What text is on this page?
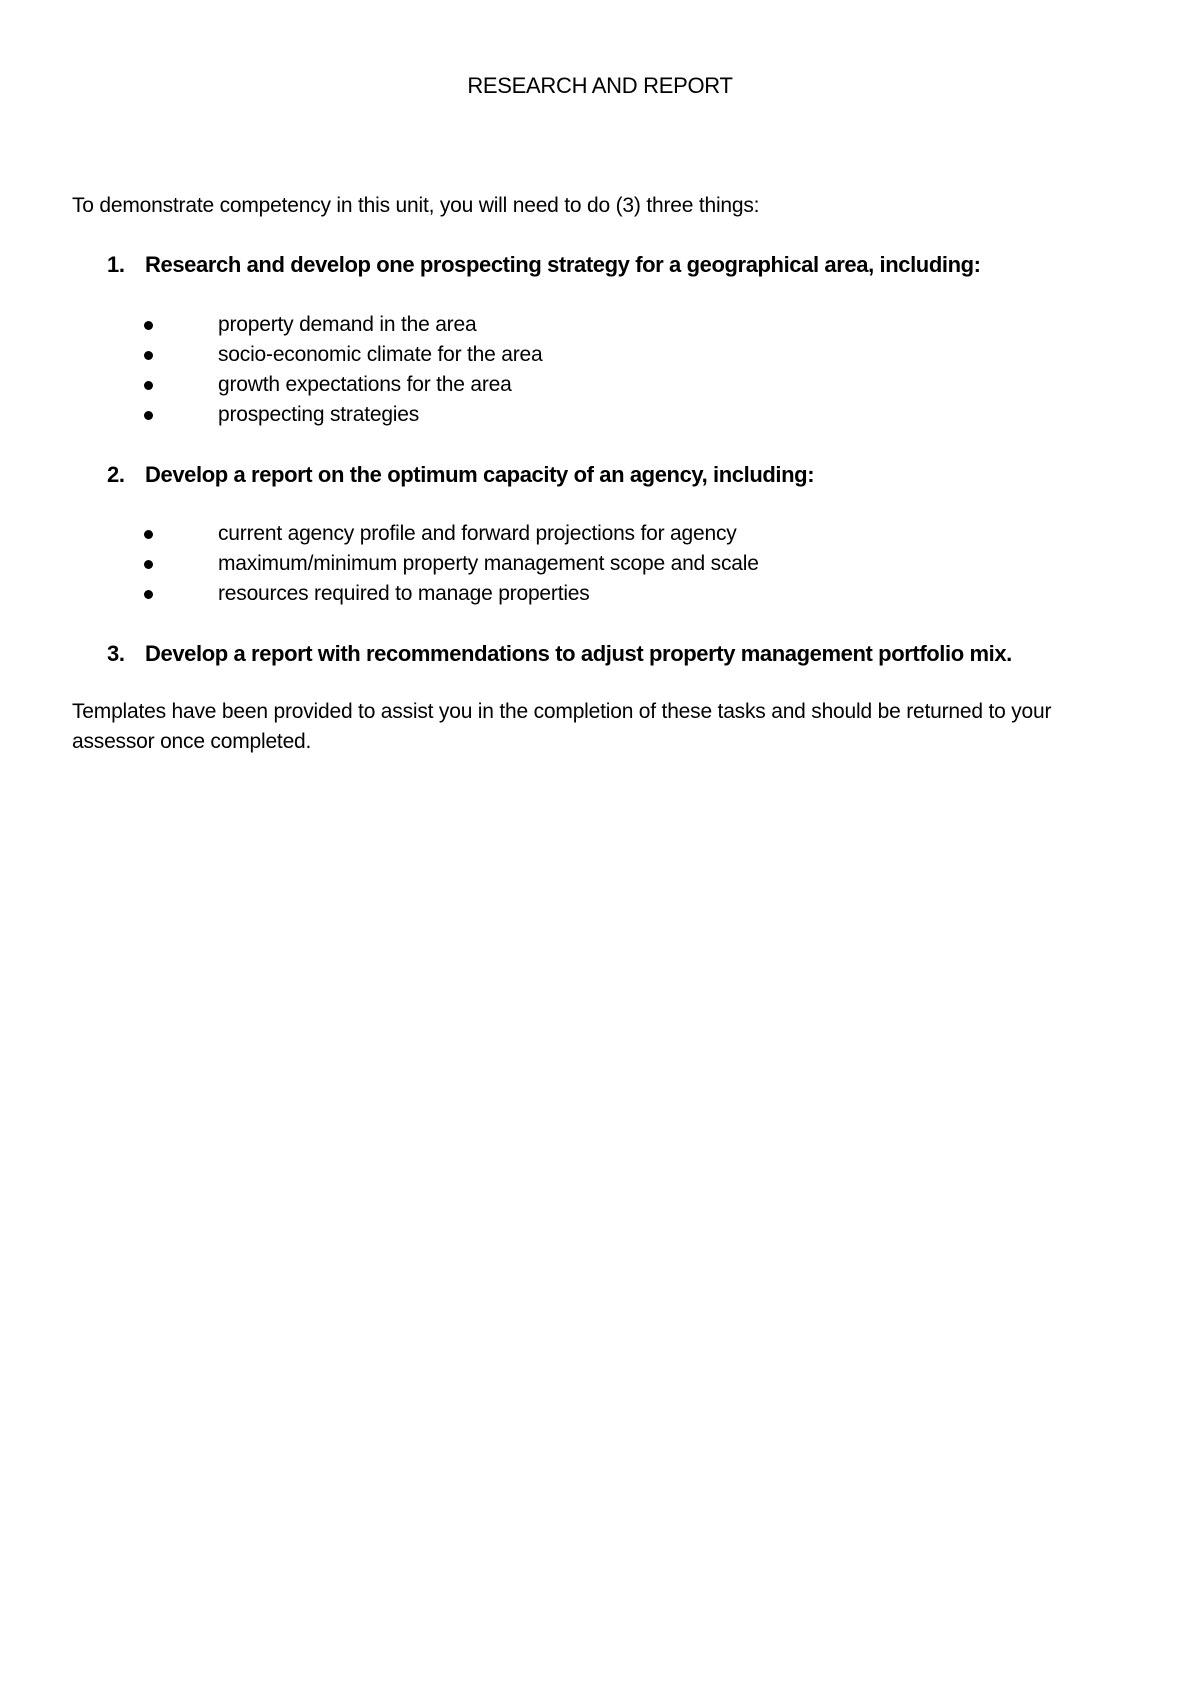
RESEARCH AND REPORT
To demonstrate competency in this unit, you will need to do (3) three things:
1. Research and develop one prospecting strategy for a geographical area, including:
property demand in the area
socio-economic climate for the area
growth expectations for the area
prospecting strategies
2. Develop a report on the optimum capacity of an agency, including:
current agency profile and forward projections for agency
maximum/minimum property management scope and scale
resources required to manage properties
3. Develop a report with recommendations to adjust property management portfolio mix.
Templates have been provided to assist you in the completion of these tasks and should be returned to your assessor once completed.
